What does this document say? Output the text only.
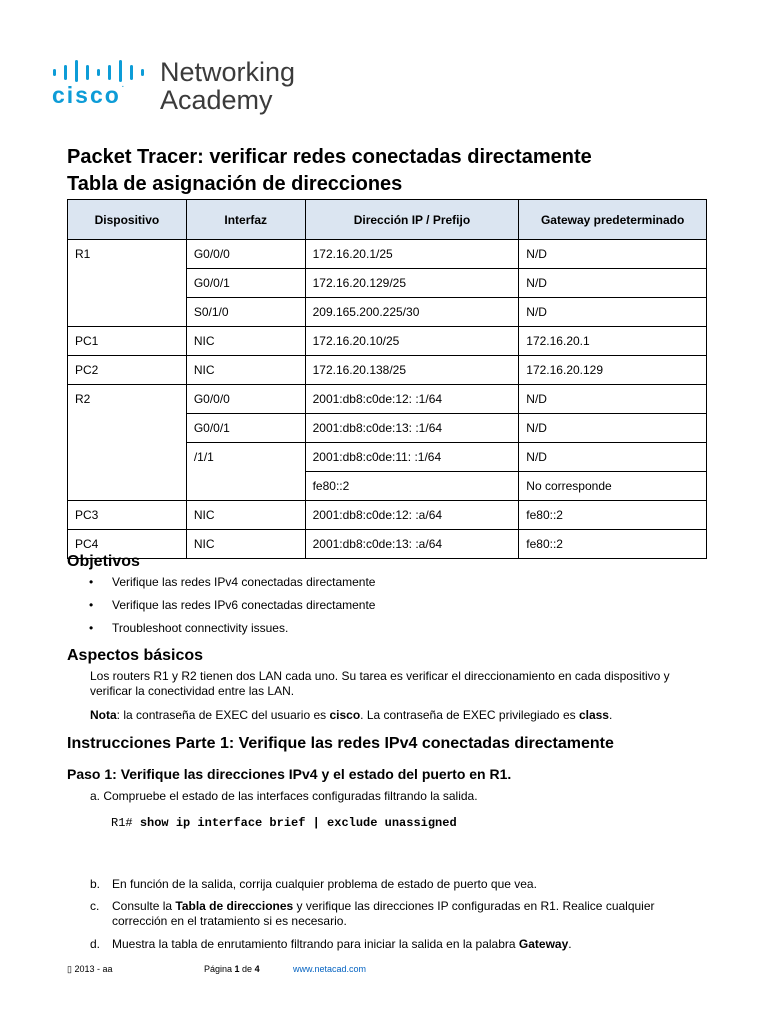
cisco. Networking
Academy
Packet Tracer: verificar redes conectadas directamente
Tabla de asignación de direcciones
Dispositivo	Interfaz	Dirección IP / Prefijo	Gateway predeterminado
R1	G0/0/0	172.16.20.1/25	N/D
	G0/0/1	172.16.20.129/25	N/D
	S0/1/0	209.165.200.225/30	N/D
PC1	NIC	172.16.20.10/25	172.16.20.1
PC2	NIC	172.16.20.138/25	172.16.20.129
R2	G0/0/0	2001:db8:c0de:12: :1/64	N/D
	G0/0/1	2001:db8:c0de:13: :1/64	N/D
	/1/1	2001:db8:c0de:11: :1/64	N/D
		fe80::2	No corresponde
PC3	NIC	2001:db8:c0de:12: :a/64	fe80::2
PC4	NIC	2001:db8:c0de:13: :a/64	fe80::2
Objetivos
• Verifique las redes IPv4 conectadas directamente
• Verifique las redes IPv6 conectadas directamente
• Troubleshoot connectivity issues.
Aspectos básicos

Los routers R1 y R2 tienen dos LAN cada uno. Su tarea es verificar el direccionamiento en cada dispositivo y verificar la conectividad entre las LAN.

Nota: la contraseña de EXEC del usuario es cisco. La contraseña de EXEC privilegiado es class.

Instrucciones Parte 1: Verifique las redes IPv4 conectadas directamente
Paso 1: Verifique las direcciones IPv4 y el estado del puerto en R1.
a. Compruebe el estado de las interfaces configuradas filtrando la salida.
R1# show ip interface brief | exclude unassigned
b. En función de la salida, corrija cualquier problema de estado de puerto que vea.
c. Consulte la Tabla de direcciones y verifique las direcciones IP configuradas en R1. Realice cualquier corrección en el tratamiento si es necesario.
d. Muestra la tabla de enrutamiento filtrando para iniciar la salida en la palabra Gateway.
▯ 2013 - aa	Página 1 de 4	www.netacad.com
